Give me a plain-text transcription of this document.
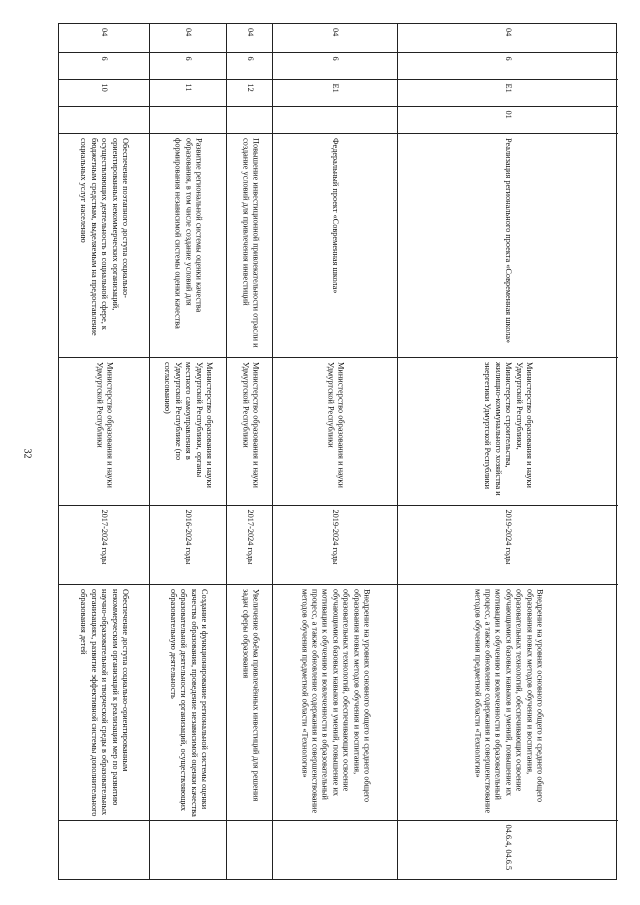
32
04
6
10
Обеспечение поэтапного доступа социально-ориентированных некоммерческих организаций, осуществляющих деятельность в социальной сфере, к бюджетным средствам, выделяемым на предоставление социальных услуг населению
Министерство образования и науки Удмуртской Республики
2017-2024 годы
Обеспечение доступа социально-ориентированным некоммерческим организаций к реализации мер по развитию научно-образовательной и творческой среды в образовательных организациях, развитие эффективной системы дополнительного образования детей
04
6
11
Развитие региональной системы оценки качества образования, в том числе создание условий для формирования независимой системы оценки качества
Министерство образования и науки Удмуртской Республики, органы местного самоуправления в Удмуртской Республике (по согласованию)
2016-2024 годы
Создание и функционирование региональной системы оценки качества образования, проведение независимой оценки качества образовательной деятельности организаций, осуществляющих образовательную деятельность
04
6
12
Повышение инвестиционной привлекательности отрасли и создание условий для привлечения инвестиций
Министерство образования и науки Удмуртской Республики
2017-2024 годы
Увеличение объёма привлечённых инвестиций для решения задач сферы образования
04
6
E1
Федеральный проект «Современная школа»
Министерство образования и науки Удмуртской Республики
2019-2024 годы
Внедрение на уровнях основного общего и среднего общего образования новых методов обучения и воспитания, образовательных технологий, обеспечивающих освоение обучающимися базовых навыков и умений, повышение их мотивации к обучению и вовлеченности в образовательный процесс, а также обновление содержания и совершенствование методов обучения предметной области «Технология»
04
6
E1
01
Реализация регионального проекта «Современная школа»
Министерство образования и науки Удмуртской Республики, Министерство строительства, жилищно-коммунального хозяйства и энергетики Удмуртской Республики
2019-2024 годы
Внедрение на уровнях основного общего и среднего общего образования новых методов обучения и воспитания, образовательных технологий, обеспечивающих освоение обучающимися базовых навыков и умений, повышение их мотивации к обучению и вовлеченности в образовательный процесс, а также обновление содержания и совершенствование методов обучения предметной области «Технология»
04.6.4, 04.6.5
